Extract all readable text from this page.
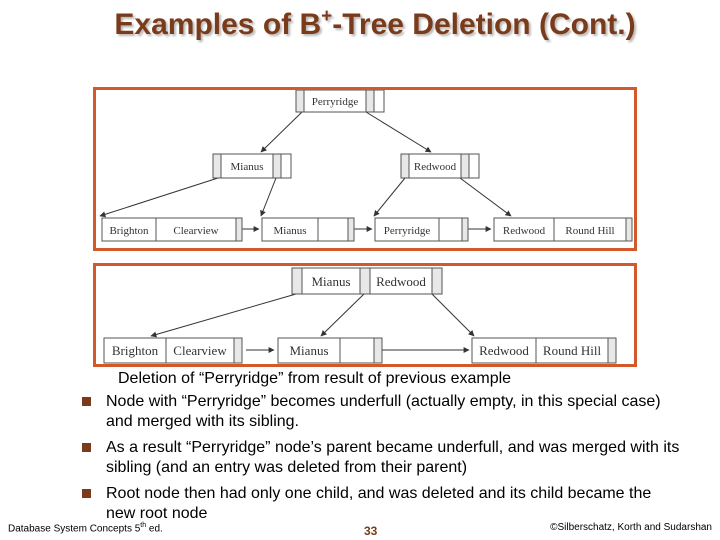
Examples of B+-Tree Deletion (Cont.)
Perryridge
Mianus	Redwood
Brighton Clearview	Mianus	Perryridge	Redwood Round Hill
Mianus Redwood
Brighton Clearview	Mianus	Redwood Round Hill
Deletion of “Perryridge” from result of previous example
Node with “Perryridge” becomes underfull (actually empty, in this special case) and merged with its sibling.
As a result “Perryridge” node’s parent became underfull, and was merged with its sibling (and an entry was deleted from their parent)
Root node then had only one child, and was deleted and its child became the new root node
Database System Concepts 5th ed.	33	©Silberschatz, Korth and Sudarshan
